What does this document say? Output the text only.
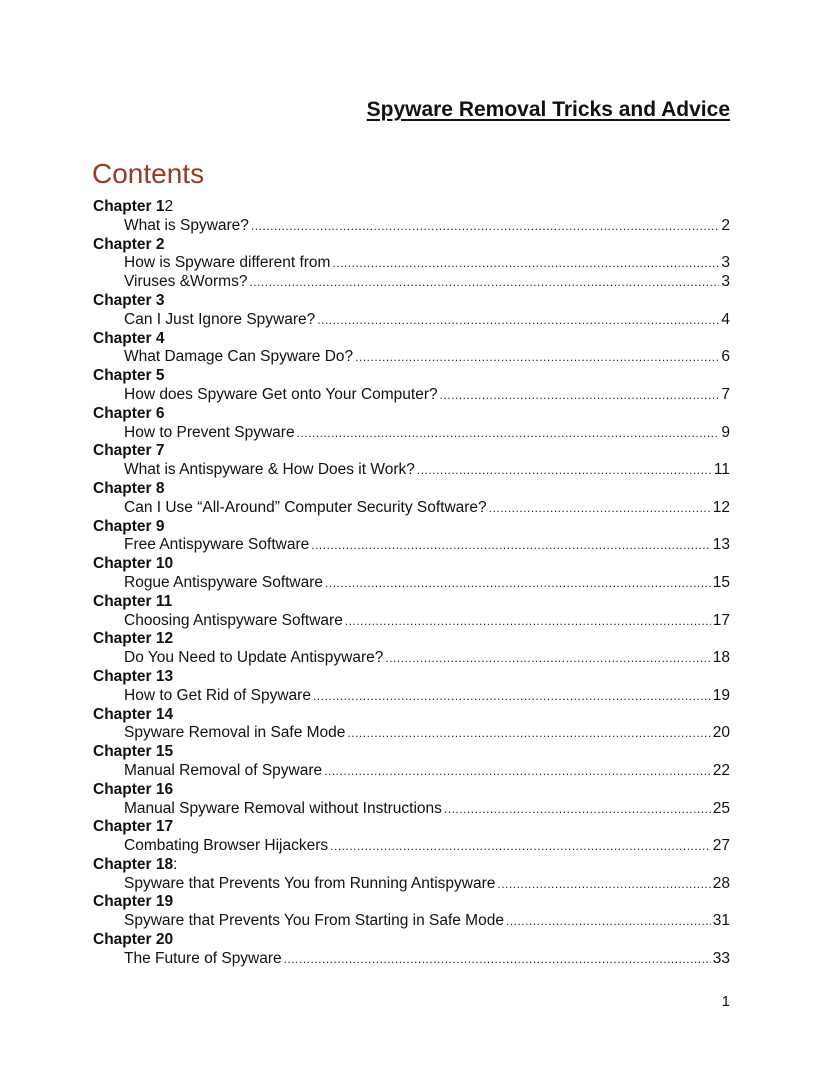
Spyware Removal Tricks and Advice
Contents
Chapter 12
What is Spyware? .....	2
Chapter 2
How is Spyware different from .....	3
Viruses &Worms? .....	3
Chapter 3
Can I Just Ignore Spyware? .....	4
Chapter 4
What Damage Can Spyware Do? .....	6
Chapter 5
How does Spyware Get onto Your Computer? .....	7
Chapter 6
How to Prevent Spyware .....	9
Chapter 7
What is Antispyware & How Does it Work? .....	11
Chapter 8
Can I Use “All-Around” Computer Security Software? .....	12
Chapter 9
Free Antispyware Software .....	13
Chapter 10
Rogue Antispyware Software .....	15
Chapter 11
Choosing Antispyware Software .....	17
Chapter 12
Do You Need to Update Antispyware? .....	18
Chapter 13
How to Get Rid of Spyware .....	19
Chapter 14
Spyware Removal in Safe Mode .....	20
Chapter 15
Manual Removal of Spyware .....	22
Chapter 16
Manual Spyware Removal without Instructions .....	25
Chapter 17
Combating Browser Hijackers .....	27
Chapter 18:
Spyware that Prevents You from Running Antispyware .....	28
Chapter 19
Spyware that Prevents You From Starting in Safe Mode .....	31
Chapter 20
The Future of Spyware .....	33
1
